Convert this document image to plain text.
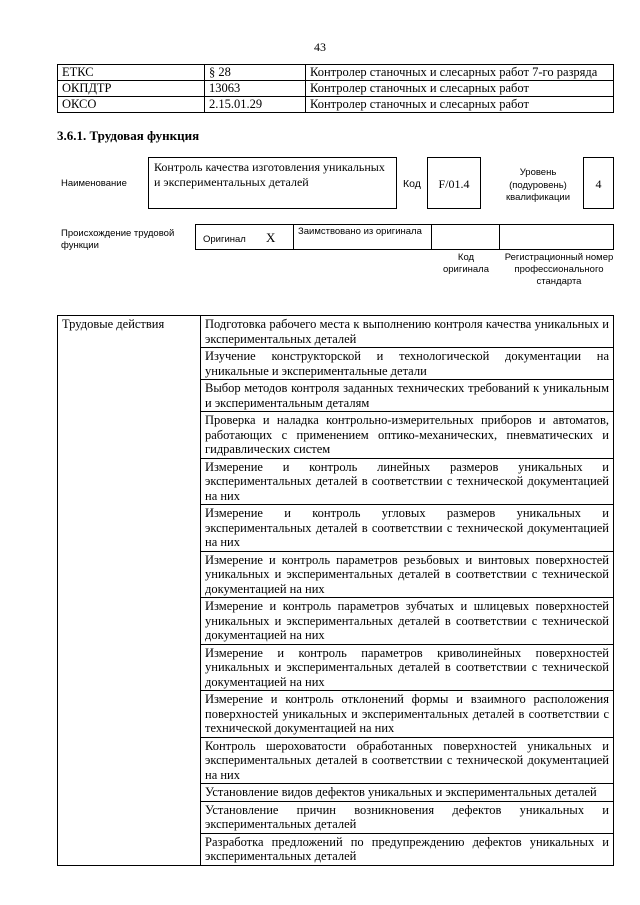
43
ЕТКС	§ 28	Контролер станочных и слесарных работ 7-го разряда
ОКПДТР	13063	Контролер станочных и слесарных работ
ОКСО	2.15.01.29	Контролер станочных и слесарных работ
3.6.1. Трудовая функция
Наименование
Контроль качества изготовления уникальных и экспериментальных деталей	Код	F/01.4
Уровень (подуровень) квалификации
4
Происхождение трудовой функции	Оригинал X Заимствовано из оригинала
Код оригинала
Регистрационный номер профессионального стандарта
Трудовые действия	Подготовка рабочего места к выполнению контроля качества уникальных и экспериментальных деталей
Изучение конструкторской и технологической документации на уникальные и экспериментальные детали
Выбор методов контроля заданных технических требований к уникальным и экспериментальным деталям
Проверка и наладка контрольно-измерительных приборов и автоматов, работающих с применением оптико-механических, пневматических и гидравлических систем
Измерение и контроль линейных размеров уникальных и экспериментальных деталей в соответствии с технической документацией на них
Измерение и контроль угловых размеров уникальных и экспериментальных деталей в соответствии с технической документацией на них
Измерение и контроль параметров резьбовых и винтовых поверхностей уникальных и экспериментальных деталей в соответствии с технической документацией на них
Измерение и контроль параметров зубчатых и шлицевых поверхностей уникальных и экспериментальных деталей в соответствии с технической документацией на них
Измерение и контроль параметров криволинейных поверхностей уникальных и экспериментальных деталей в соответствии с технической документацией на них
Измерение и контроль отклонений формы и взаимного расположения поверхностей уникальных и экспериментальных деталей в соответствии с технической документацией на них
Контроль шероховатости обработанных поверхностей уникальных и экспериментальных деталей в соответствии с технической документацией на них
Установление видов дефектов уникальных и экспериментальных деталей
Установление причин возникновения дефектов уникальных и экспериментальных деталей
Разработка предложений по предупреждению дефектов уникальных и экспериментальных деталей
